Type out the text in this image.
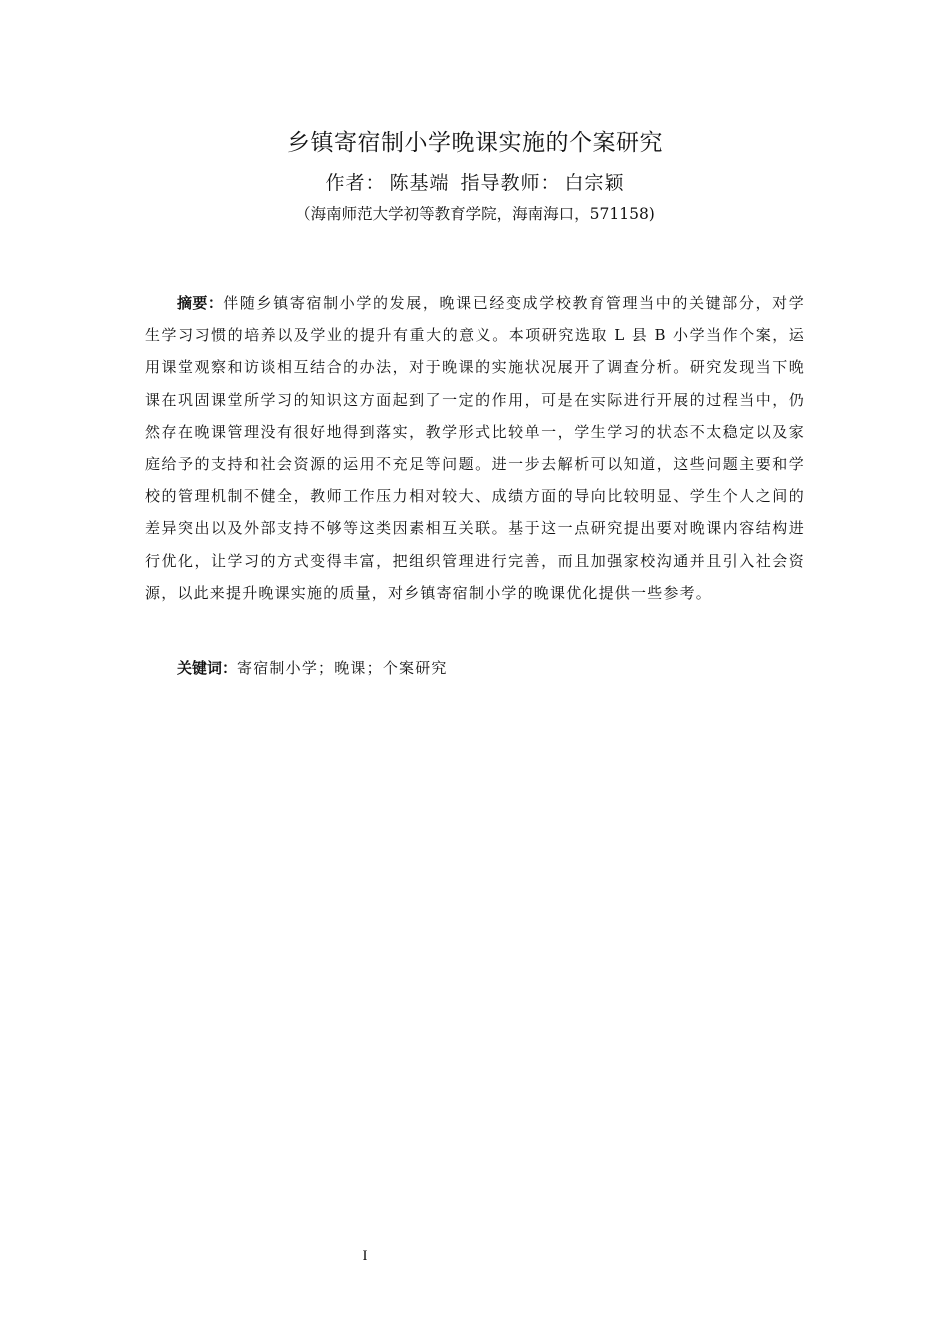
乡镇寄宿制小学晚课实施的个案研究
作者： 陈基端 指导教师： 白宗颖
（海南师范大学初等教育学院，海南海口，571158)
摘要：伴随乡镇寄宿制小学的发展，晚课已经变成学校教育管理当中的关键部分，对学生学习习惯的培养以及学业的提升有重大的意义。本项研究选取 L 县 B 小学当作个案，运用课堂观察和访谈相互结合的办法，对于晚课的实施状况展开了调查分析。研究发现当下晚课在巩固课堂所学习的知识这方面起到了一定的作用，可是在实际进行开展的过程当中，仍然存在晚课管理没有很好地得到落实，教学形式比较单一，学生学习的状态不太稳定以及家庭给予的支持和社会资源的运用不充足等问题。进一步去解析可以知道，这些问题主要和学校的管理机制不健全，教师工作压力相对较大、成绩方面的导向比较明显、学生个人之间的差异突出以及外部支持不够等这类因素相互关联。基于这一点研究提出要对晚课内容结构进行优化，让学习的方式变得丰富，把组织管理进行完善，而且加强家校沟通并且引入社会资源，以此来提升晚课实施的质量，对乡镇寄宿制小学的晚课优化提供一些参考。
关键词：寄宿制小学；晚课；个案研究
I
